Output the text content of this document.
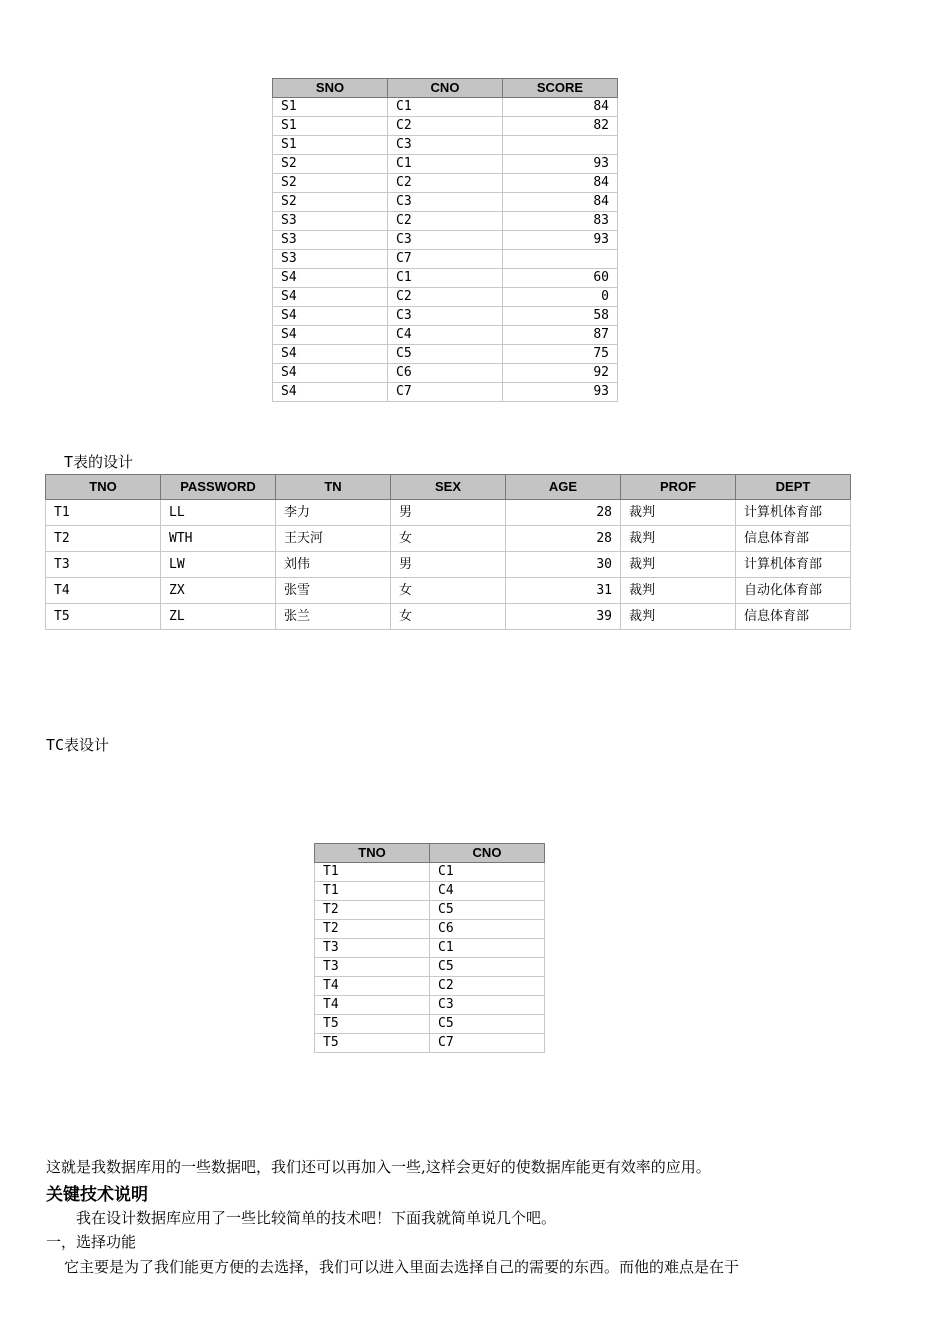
SNO	CNO	SCORE
S1	C1	84
S1	C2	82
S1	C3	
S2	C1	93
S2	C2	84
S2	C3	84
S3	C2	83
S3	C3	93
S3	C7	
S4	C1	60
S4	C2	0
S4	C3	58
S4	C4	87
S4	C5	75
S4	C6	92
S4	C7	93
T表的设计
TNO	PASSWORD	TN	SEX	AGE	PROF	DEPT
T1	LL	李力	男	28	裁判	计算机体育部
T2	WTH	王天河	女	28	裁判	信息体育部
T3	LW	刘伟	男	30	裁判	计算机体育部
T4	ZX	张雪	女	31	裁判	自动化体育部
T5	ZL	张兰	女	39	裁判	信息体育部
TC表设计
TNO	CNO
T1	C1
T1	C4
T2	C5
T2	C6
T3	C1
T3	C5
T4	C2
T4	C3
T5	C5
T5	C7
这就是我数据库用的一些数据吧，我们还可以再加入一些,这样会更好的使数据库能更有效率的应用。
关键技术说明
我在设计数据库应用了一些比较简单的技术吧！下面我就简单说几个吧。
一，选择功能
它主要是为了我们能更方便的去选择，我们可以进入里面去选择自己的需要的东西。而他的难点是在于
